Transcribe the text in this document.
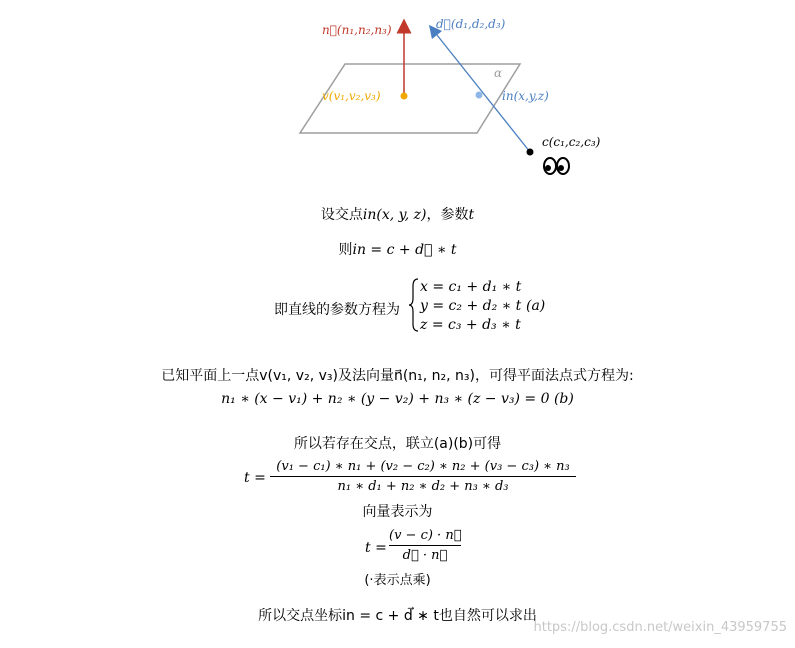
α
n⃗(n₁,n₂,n₃)
v(v₁,v₂,v₃)
d⃗(d₁,d₂,d₃)
in(x,y,z)
c(c₁,c₂,c₃)
设交点in(x, y, z)，参数t
则in = c + d⃗ ∗ t
即直线的参数方程为
x = c₁ + d₁ ∗ t
y = c₂ + d₂ ∗ t
z = c₃ + d₃ ∗ t
(a)
已知平面上一点v(v₁, v₂, v₃)及法向量n⃗(n₁, n₂, n₃)，可得平面法点式方程为:
n₁ ∗ (x − v₁) + n₂ ∗ (y − v₂) + n₃ ∗ (z − v₃) = 0 (b)
所以若存在交点，联立(a)(b)可得
t =
(v₁ − c₁) ∗ n₁ + (v₂ − c₂) ∗ n₂ + (v₃ − c₃) ∗ n₃
n₁ ∗ d₁ + n₂ ∗ d₂ + n₃ ∗ d₃
向量表示为
t =
(v − c) · n⃗
d⃗ · n⃗
(·表示点乘)
所以交点坐标in = c + d⃗ ∗ t也自然可以求出
https://blog.csdn.net/weixin_43959755
